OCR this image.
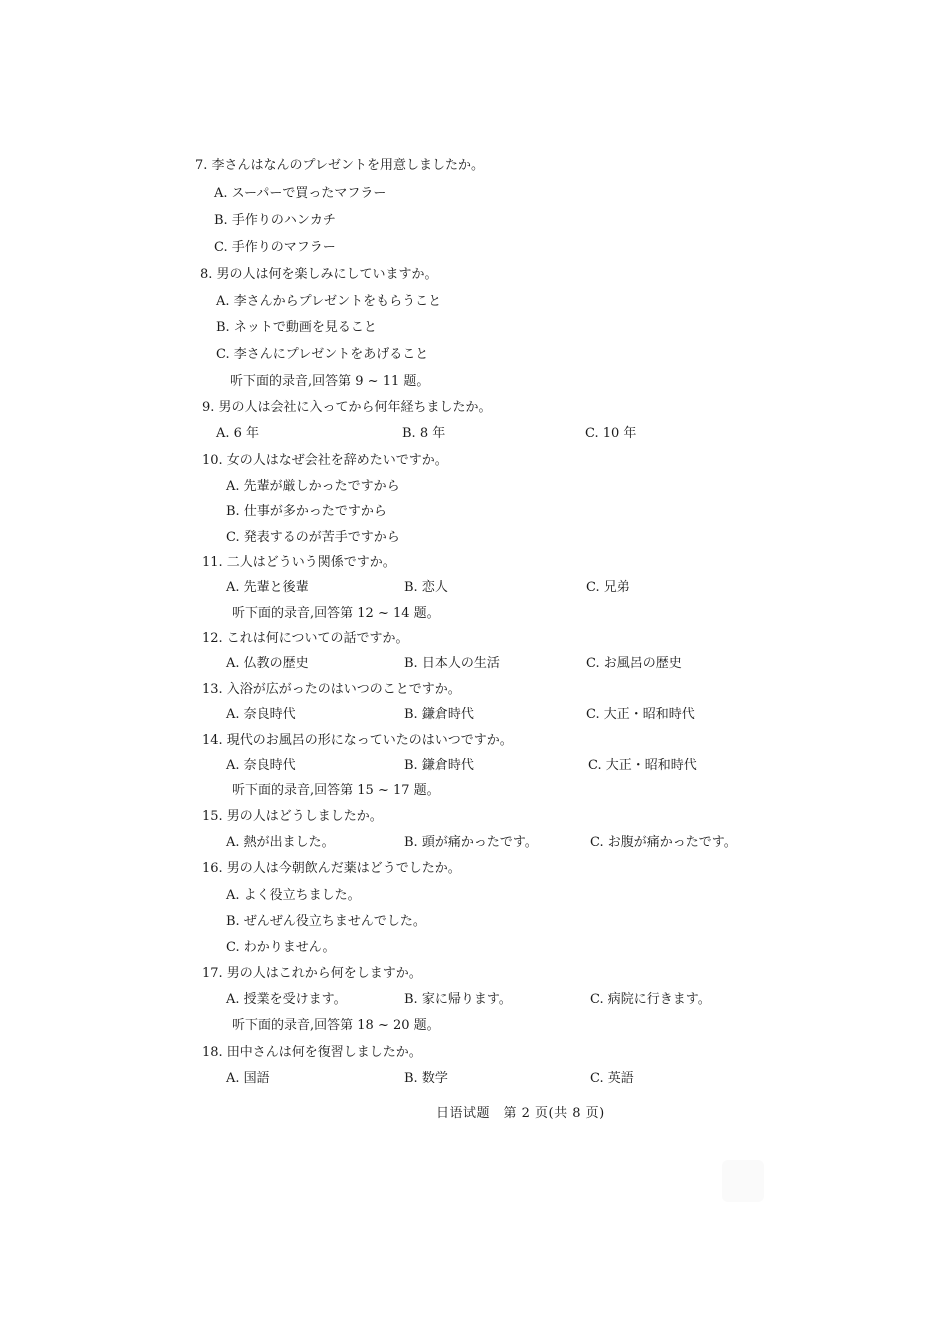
7. 李さんはなんのプレゼントを用意しましたか。
A. スーパーで買ったマフラー
B. 手作りのハンカチ
C. 手作りのマフラー
8. 男の人は何を楽しみにしていますか。
A. 李さんからプレゼントをもらうこと
B. ネットで動画を見ること
C. 李さんにプレゼントをあげること
听下面的录音,回答第 9 ~ 11 题。
9. 男の人は会社に入ってから何年経ちましたか。
A. 6 年	B. 8 年	C. 10 年
10. 女の人はなぜ会社を辞めたいですか。
A. 先輩が厳しかったですから
B. 仕事が多かったですから
C. 発表するのが苦手ですから
11. 二人はどういう関係ですか。
A. 先輩と後輩	B. 恋人	C. 兄弟
听下面的录音,回答第 12 ~ 14 题。
12. これは何についての話ですか。
A. 仏教の歴史	B. 日本人の生活	C. お風呂の歴史
13. 入浴が広がったのはいつのことですか。
A. 奈良時代	B. 鎌倉時代	C. 大正・昭和時代
14. 現代のお風呂の形になっていたのはいつですか。
A. 奈良時代	B. 鎌倉時代	C. 大正・昭和時代
听下面的录音,回答第 15 ~ 17 题。
15. 男の人はどうしましたか。
A. 熱が出ました。	B. 頭が痛かったです。	C. お腹が痛かったです。
16. 男の人は今朝飲んだ薬はどうでしたか。
A. よく役立ちました。
B. ぜんぜん役立ちませんでした。
C. わかりません。
17. 男の人はこれから何をしますか。
A. 授業を受けます。	B. 家に帰ります。	C. 病院に行きます。
听下面的录音,回答第 18 ~ 20 题。
18. 田中さんは何を復習しましたか。
A. 国語	B. 数学	C. 英語
日语试题　第 2 页(共 8 页)
